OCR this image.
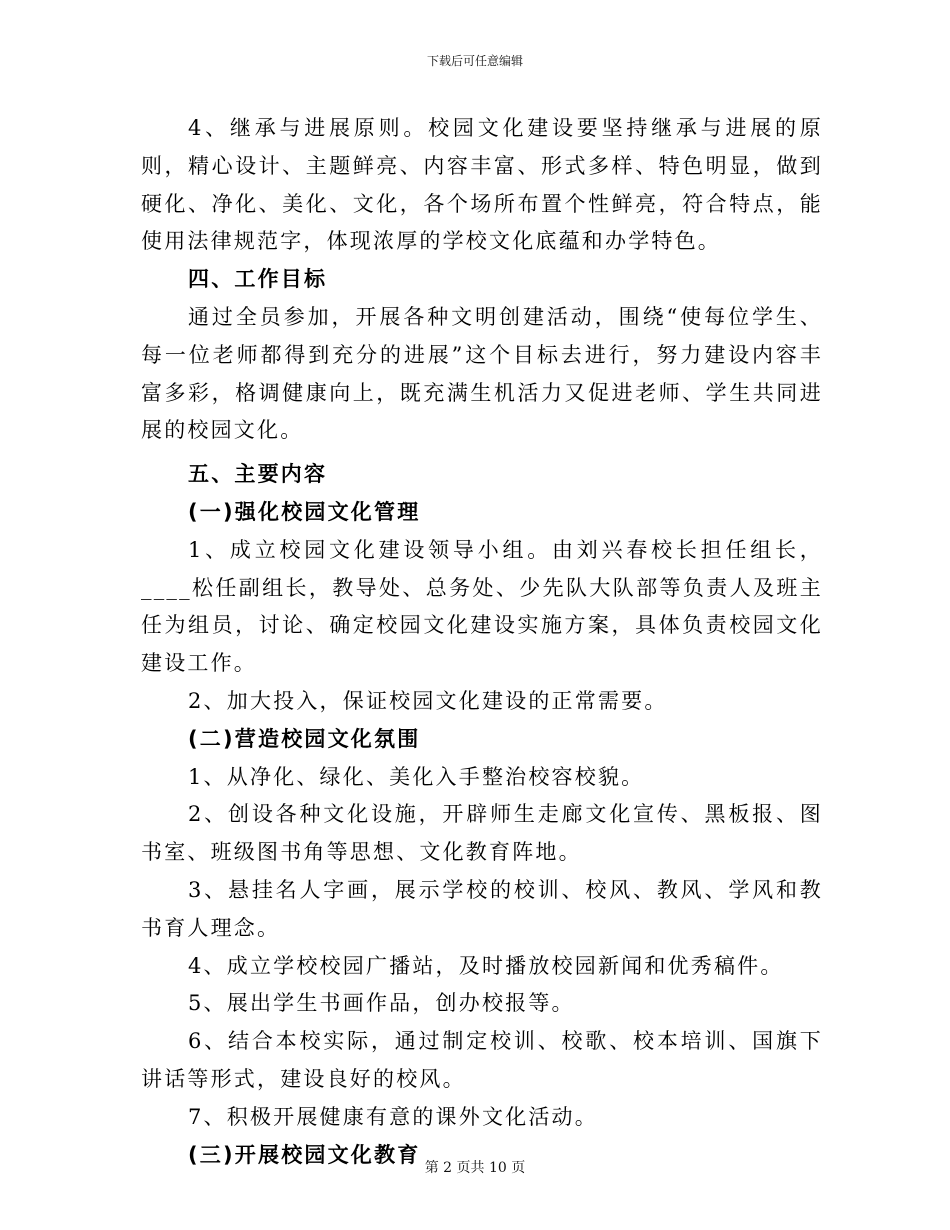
下载后可任意编辑

4、继承与进展原则。校园文化建设要坚持继承与进展的原则，精心设计、主题鲜亮、内容丰富、形式多样、特色明显，做到硬化、净化、美化、文化，各个场所布置个性鲜亮，符合特点，能使用法律规范字，体现浓厚的学校文化底蕴和办学特色。

四、工作目标

通过全员参加，开展各种文明创建活动，围绕“使每位学生、每一位老师都得到充分的进展”这个目标去进行，努力建设内容丰富多彩，格调健康向上，既充满生机活力又促进老师、学生共同进展的校园文化。

五、主要内容

(一)强化校园文化管理

1、成立校园文化建设领导小组。由刘兴春校长担任组长，____松任副组长，教导处、总务处、少先队大队部等负责人及班主任为组员，讨论、确定校园文化建设实施方案，具体负责校园文化建设工作。

2、加大投入，保证校园文化建设的正常需要。

(二)营造校园文化氛围

1、从净化、绿化、美化入手整治校容校貌。

2、创设各种文化设施，开辟师生走廊文化宣传、黑板报、图书室、班级图书角等思想、文化教育阵地。

3、悬挂名人字画，展示学校的校训、校风、教风、学风和教书育人理念。

4、成立学校校园广播站，及时播放校园新闻和优秀稿件。

5、展出学生书画作品，创办校报等。

6、结合本校实际，通过制定校训、校歌、校本培训、国旗下讲话等形式，建设良好的校风。

7、积极开展健康有意的课外文化活动。

(三)开展校园文化教育

第 2 页共 10 页
